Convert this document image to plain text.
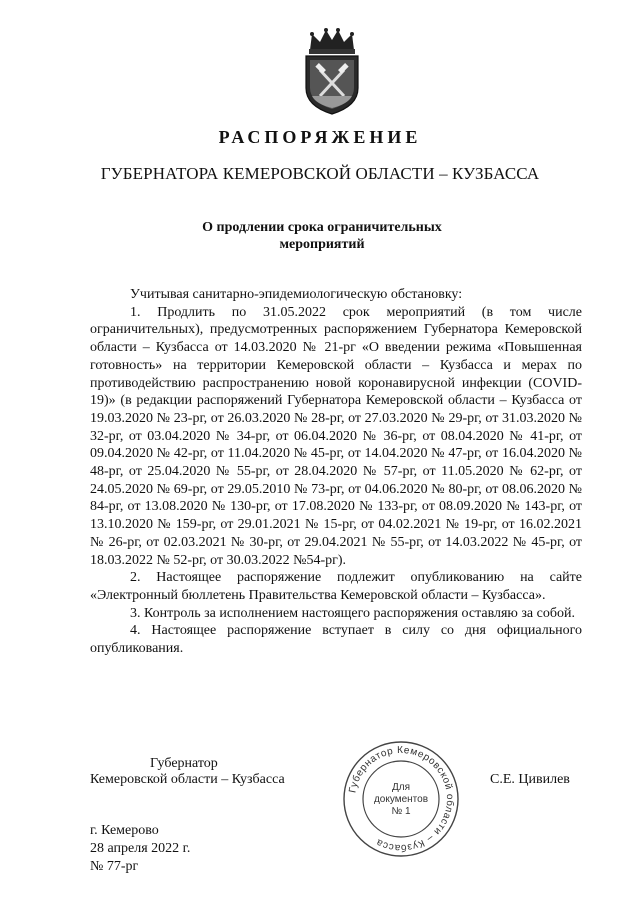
РАСПОРЯЖЕНИЕ
ГУБЕРНАТОРА КЕМЕРОВСКОЙ ОБЛАСТИ – КУЗБАССА
О продлении срока ограничительных
мероприятий

Учитывая санитарно-эпидемиологическую обстановку:

1. Продлить по 31.05.2022 срок мероприятий (в том числе ограничительных), предусмотренных распоряжением Губернатора Кемеровской области – Кузбасса от 14.03.2020 № 21-рг «О введении режима «Повышенная готовность» на территории Кемеровской области – Кузбасса и мерах по противодействию распространению новой коронавирусной инфекции (COVID-19)» (в редакции распоряжений Губернатора Кемеровской области – Кузбасса от 19.03.2020 № 23-рг, от 26.03.2020 № 28-рг, от 27.03.2020 № 29-рг, от 31.03.2020 № 32-рг, от 03.04.2020 № 34-рг, от 06.04.2020 № 36-рг, от 08.04.2020 № 41-рг, от 09.04.2020 № 42-рг, от 11.04.2020 № 45-рг, от 14.04.2020 № 47-рг, от 16.04.2020 № 48-рг, от 25.04.2020 № 55-рг, от 28.04.2020 № 57-рг, от 11.05.2020 № 62-рг, от 24.05.2020 № 69-рг, от 29.05.2010 № 73-рг, от 04.06.2020 № 80-рг, от 08.06.2020 № 84-рг, от 13.08.2020 № 130-рг, от 17.08.2020 № 133-рг, от 08.09.2020 № 143-рг, от 13.10.2020 № 159-рг, от 29.01.2021 № 15-рг, от 04.02.2021 № 19-рг, от 16.02.2021 № 26-рг, от 02.03.2021 № 30-рг, от 29.04.2021 № 55-рг, от 14.03.2022 № 45-рг, от 18.03.2022 № 52-рг, от 30.03.2022 №54-рг).

2. Настоящее распоряжение подлежит опубликованию на сайте «Электронный бюллетень Правительства Кемеровской области – Кузбасса».

3. Контроль за исполнением настоящего распоряжения оставляю за собой.

4. Настоящее распоряжение вступает в силу со дня официального опубликования.

Губернатор
Кемеровской области – Кузбасса	С.Е. Цивилев
Губернатор Кемеровской области – Кузбасса
Для
документов
№ 1
г. Кемерово
28 апреля 2022 г.
№ 77-рг
